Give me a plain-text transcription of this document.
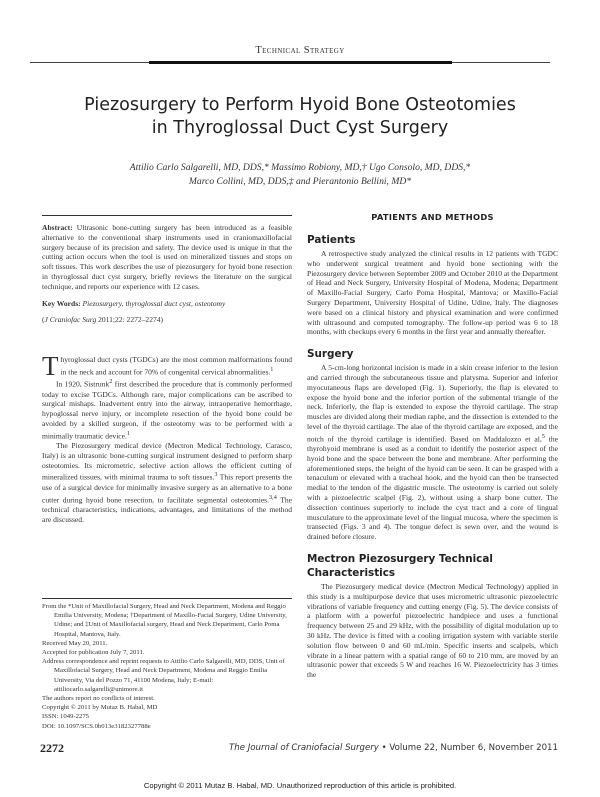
Technical Strategy
Piezosurgery to Perform Hyoid Bone Osteotomies
in Thyroglossal Duct Cyst Surgery
Attilio Carlo Salgarelli, MD, DDS,* Massimo Robiony, MD,† Ugo Consolo, MD, DDS,*
Marco Collini, MD, DDS,‡ and Pierantonio Bellini, MD*

Abstract: Ultrasonic bone-cutting surgery has been introduced as a feasible alternative to the conventional sharp instruments used in craniomaxillofacial surgery because of its precision and safety. The device used is unique in that the cutting action occurs when the tool is used on mineralized tissues and stops on soft tissues. This work describes the use of piezosurgery for hyoid bone resection in thyroglossal duct cyst surgery, briefly reviews the literature on the surgical technique, and reports our experience with 12 cases.

Key Words: Piezosurgery, thyroglossal duct cyst, osteotomy

(J Craniofac Surg 2011;22: 2272–2274)

Thyroglossal duct cysts (TGDCs) are the most common malformations found in the neck and account for 70% of congenital cervical abnormalities.$^1$

In 1920, Sistrunk$^2$ first described the procedure that is commonly performed today to excise TGDCs. Although rare, major complications can be ascribed to surgical mishaps. Inadvertent entry into the airway, intraoperative hemorrhage, hypoglossal nerve injury, or incomplete resection of the hyoid bone could be avoided by a skilled surgeon, if the osteotomy was to be performed with a minimally traumatic device.$^1$

The Piezosurgery medical device (Mectron Medical Technology, Carasco, Italy) is an ultrasonic bone-cutting surgical instrument designed to perform sharp osteotomies. Its micrometric, selective action allows the efficient cutting of mineralized tissues, with minimal trauma to soft tissues.$^3$ This report presents the use of a surgical device for minimally invasive surgery as an alternative to a bone cutter during hyoid bone resection, to facilitate segmental osteotomies.$^{3,4}$ The technical characteristics, indications, advantages, and limitations of the method are discussed.

From the *Unit of Maxillofacial Surgery, Head and Neck Department, Modena and Reggio Emilia University, Modena; †Department of Maxillo-Facial Surgery, Udine University, Udine; and ‡Unit of Maxillofacial surgery, Head and Neck Department, Carlo Poma Hospital, Mantova, Italy.

Received May 20, 2011.

Accepted for publication July 7, 2011.

Address correspondence and reprint requests to Attilio Carlo Salgarelli, MD, DDS, Unit of Maxillofacial Surgery, Head and Neck Department, Modena and Reggio Emilia University, Via del Pozzo 71, 41100 Modena, Italy; E-mail: attiliocarlo.salgarelli@unimore.it

The authors report no conflicts of interest.

Copyright © 2011 by Mutaz B. Habal, MD

ISSN: 1049-2275

DOI: 10.1097/SCS.0b013e3182327788e

PATIENTS AND METHODS
Patients

A retrospective study analyzed the clinical results in 12 patients with TGDC who underwent surgical treatment and hyoid bone sectioning with the Piezosurgery device between September 2009 and October 2010 at the Department of Head and Neck Surgery, University Hospital of Modena, Modena; Department of Maxillo-Facial Surgery, Carlo Poma Hospital, Mantova; or Maxillo-Facial Surgery Department, University Hospital of Udine, Udine, Italy. The diagnoses were based on a clinical history and physical examination and were confirmed with ultrasound and computed tomography. The follow-up period was 6 to 18 months, with checkups every 6 months in the first year and annually thereafter.

Surgery

A 5-cm-long horizontal incision is made in a skin crease inferior to the lesion and carried through the subcutaneous tissue and platysma. Superior and inferior myocutaneous flaps are developed (Fig. 1). Superiorly, the flap is elevated to expose the hyoid bone and the inferior portion of the submental triangle of the neck. Inferiorly, the flap is extended to expose the thyroid cartilage. The strap muscles are divided along their median raphe, and the dissection is extended to the level of the thyroid cartilage. The alae of the thyroid cartilage are exposed, and the notch of the thyroid cartilage is identified. Based on Maddalozzo et al,$^5$ the thyrohyoid membrane is used as a conduit to identify the posterior aspect of the hyoid bone and the space between the bone and membrane. After performing the aforementioned steps, the height of the hyoid can be seen. It can be grasped with a tenaculum or elevated with a tracheal hook, and the hyoid can then be transected medial to the tendon of the digastric muscle. The osteotomy is carried out solely with a piezoelectric scalpel (Fig. 2), without using a sharp bone cutter. The dissection continues superiorly to include the cyst tract and a core of lingual musculature to the approximate level of the lingual mucosa, where the specimen is transected (Figs. 3 and 4). The tongue defect is sewn over, and the wound is drained before closure.

Mectron Piezosurgery Technical Characteristics

The Piezosurgery medical device (Mectron Medical Technology) applied in this study is a multipurpose device that uses micrometric ultrasonic piezoelectric vibrations of variable frequency and cutting energy (Fig. 5). The device consists of a platform with a powerful piezoelectric handpiece and uses a functional frequency between 25 and 29 kHz, with the possibility of digital modulation up to 30 kHz. The device is fitted with a cooling irrigation system with variable sterile solution flow between 0 and 60 mL/min. Specific inserts and scalpels, which vibrate in a linear pattern with a spatial range of 60 to 210 mm, are moved by an ultrasonic power that exceeds 5 W and reaches 16 W. Piezoelectricity has 3 times the

2272	The Journal of Craniofacial Surgery • Volume 22, Number 6, November 2011
Copyright © 2011 Mutaz B. Habal, MD. Unauthorized reproduction of this article is prohibited.
